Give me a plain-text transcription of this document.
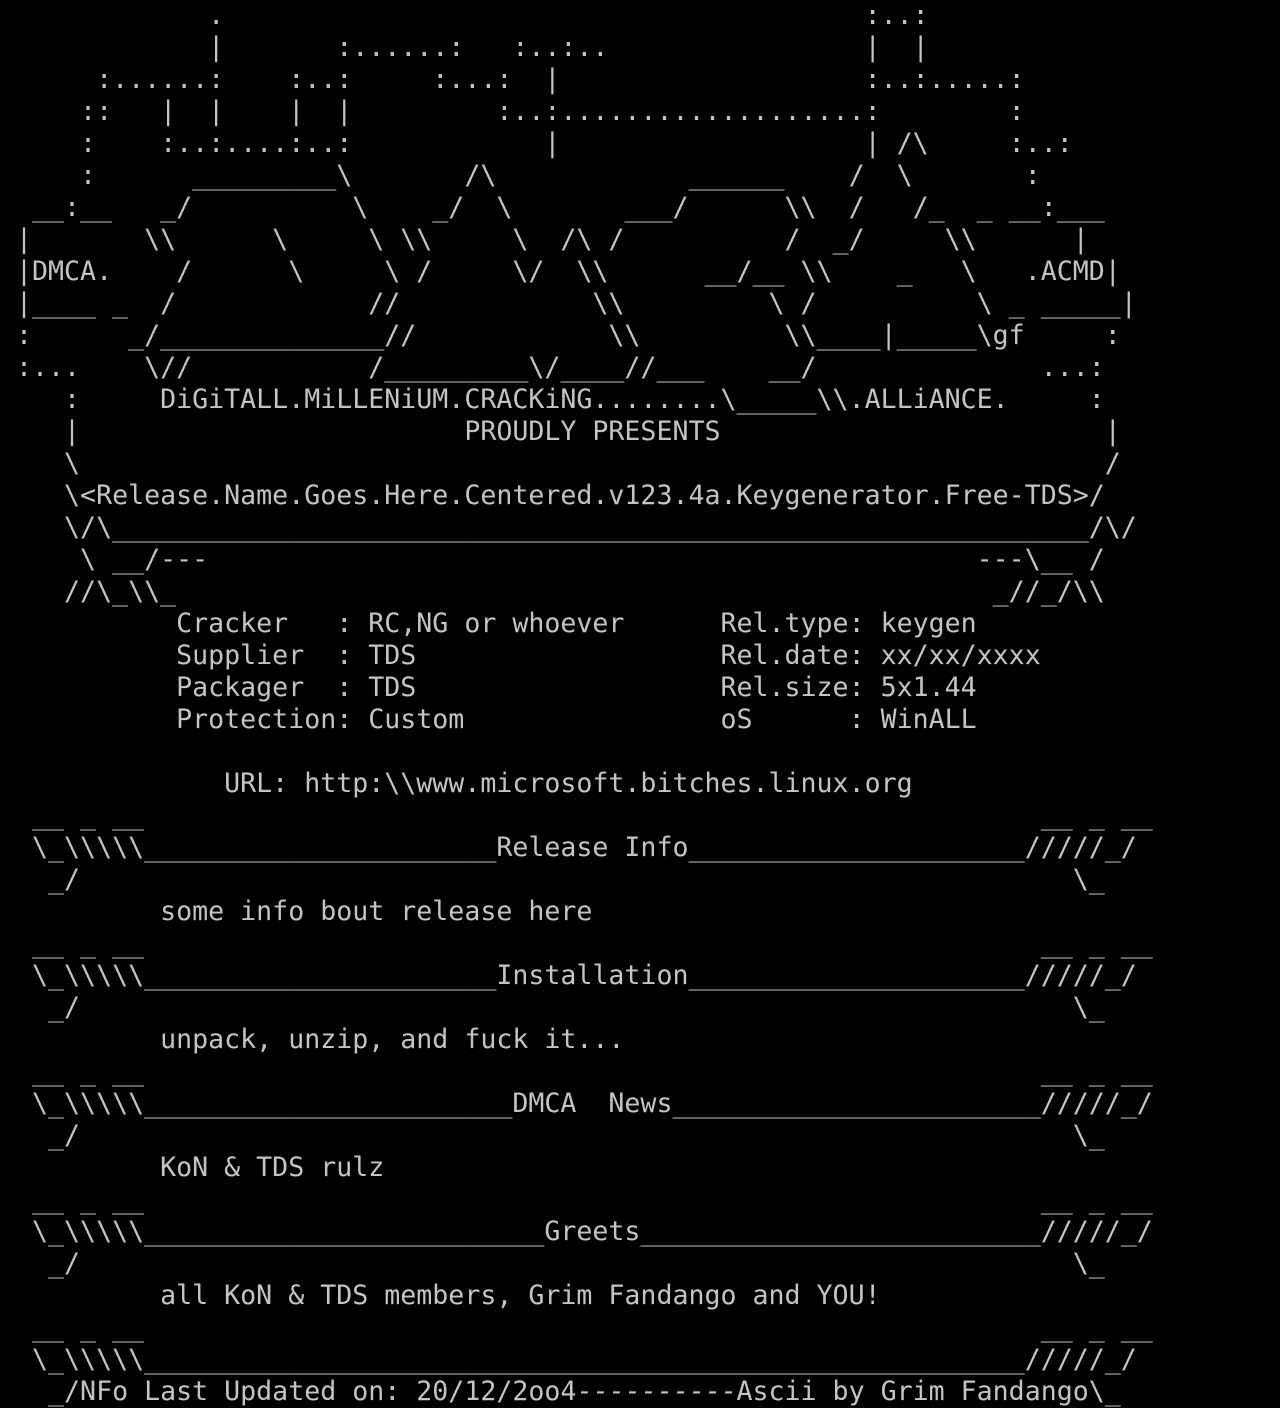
.                                        :..:
|       :......:   :..:..                |  |
:......:    :..:     :...:  |                   :..:.....:
::   |  |    |  |         :..:...................:        :
:    :..:....:..:            |                   | /\     :..:
:      _________\       /\            ______    /  \       :
__:__   _/          \    _/  \       ___/      \\  /   /_  _ __:___
|       \\      \     \ \\     \  /\ /          /  _/     \\      |
|DMCA.    /      \     \ /     \/  \\      __/__ \\    _   \   .ACMD|
|____ _  /            //            \\         \ /          \ _ _____|
:      _/______________//            \\         \\____|_____\gf     :
:...    \//           /_________\/____//___    __/              ...:
:     DiGiTALL.MiLLENiUM.CRACKiNG........\_____\\.ALLiANCE.     :
|                        PROUDLY PRESENTS                        |
\                                                                /
\<Release.Name.Goes.Here.Centered.v123.4a.Keygenerator.Free-TDS>/
\/\_____________________________________________________________/\/
\ __/---                                                ---\__ /
//\_\\_                                                   _//_/\\
Cracker   : RC,NG or whoever      Rel.type: keygen
Supplier  : TDS                   Rel.date: xx/xx/xxxx
Packager  : TDS                   Rel.size: 5x1.44
Protection: Custom                oS      : WinALL
URL: http:\\www.microsoft.bitches.linux.org
__ _ __                                                        __ _ __
\_\\\\\______________________Release Info_____________________/////_/
_/                                                              \_
some info bout release here
__ _ __                                                        __ _ __
\_\\\\\______________________Installation_____________________/////_/
_/                                                              \_
unpack, unzip, and fuck it...
__ _ __                                                        __ _ __
\_\\\\\_______________________DMCA  News_______________________/////_/
_/                                                              \_
KoN & TDS rulz
__ _ __                                                        __ _ __
\_\\\\\_________________________Greets_________________________/////_/
_/                                                              \_
all KoN & TDS members, Grim Fandango and YOU!
__ _ __                                                        __ _ __
\_\\\\\_______________________________________________________/////_/
_/NFo Last Updated on: 20/12/2oo4----------Ascii by Grim Fandango\_
